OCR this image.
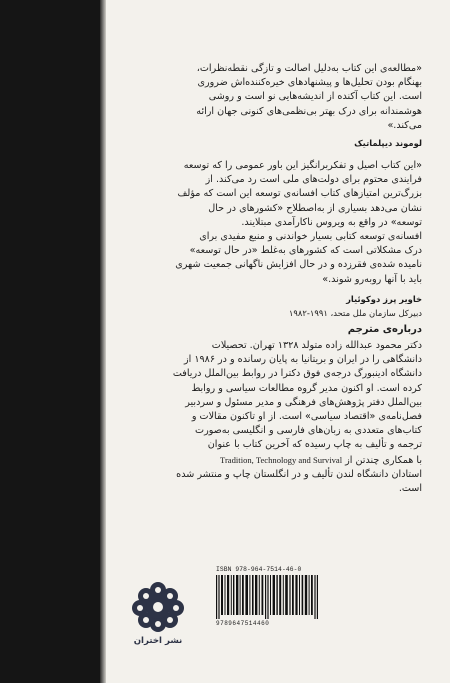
«مطالعه‌ی این کتاب به‌دلیل اصالت و تازگی نقطه‌نظرات،

بهنگام بودن تحلیل‌ها و پیشنهادهای خیره‌کننده‌اش ضروری

است. این کتاب آکنده از اندیشه‌هایی نو است و روشی

هوشمندانه برای درک بهتر بی‌نظمی‌های کنونی جهان ارائه

می‌کند.»

لوموند دیپلماتیک

«این کتاب اصیل و تفکربرانگیز این باور عمومی را که توسعه

فرایندی محتوم برای دولت‌های ملی است رد می‌کند. از

بزرگ‌ترین امتیازهای کتاب افسانه‌ی توسعه این است که مؤلف

نشان می‌دهد بسیاری از به‌اصطلاح «کشورهای در حال

توسعه» در واقع به ویروس ناکارآمدی مبتلایند.

افسانه‌ی توسعه کتابی بسیار خواندنی و منبع مفیدی برای

درک مشکلاتی است که کشورهای به‌غلط «در حال توسعه»

نامیده شده‌ی فقرزده و در حال افزایش ناگهانی جمعیت شهری

باید با آنها روبه‌رو شوند.»

خاویر پرز دوکوئیار
دبیرکل سازمان ملل متحد، ۱۹۹۱-۱۹۸۲
درباره‌ی مترجم

دکتر محمود عبدالله زاده متولد ۱۳۲۸ تهران. تحصیلات

دانشگاهی را در ایران و بریتانیا به پایان رسانده و در ۱۹۸۶ از

دانشگاه ادینبورگ درجه‌ی فوق دکترا در روابط بین‌الملل دریافت

کرده است. او اکنون مدیر گروه مطالعات سیاسی و روابط

بین‌الملل دفتر پژوهش‌های فرهنگی و مدیر مسئول و سردبیر

فصل‌نامه‌ی «اقتصاد سیاسی» است. از او تاکنون مقالات و

کتاب‌های متعددی به زبان‌های فارسی و انگلیسی به‌صورت

ترجمه و تألیف به چاپ رسیده که آخرین کتاب با عنوان

با همکاری چندتن از Tradition, Technology and Survival

استادان دانشگاه لندن تألیف و در انگلستان چاپ و منتشر شده

است.

نشر اختران
ISBN 978-964-7514-46-0
9789647514460
